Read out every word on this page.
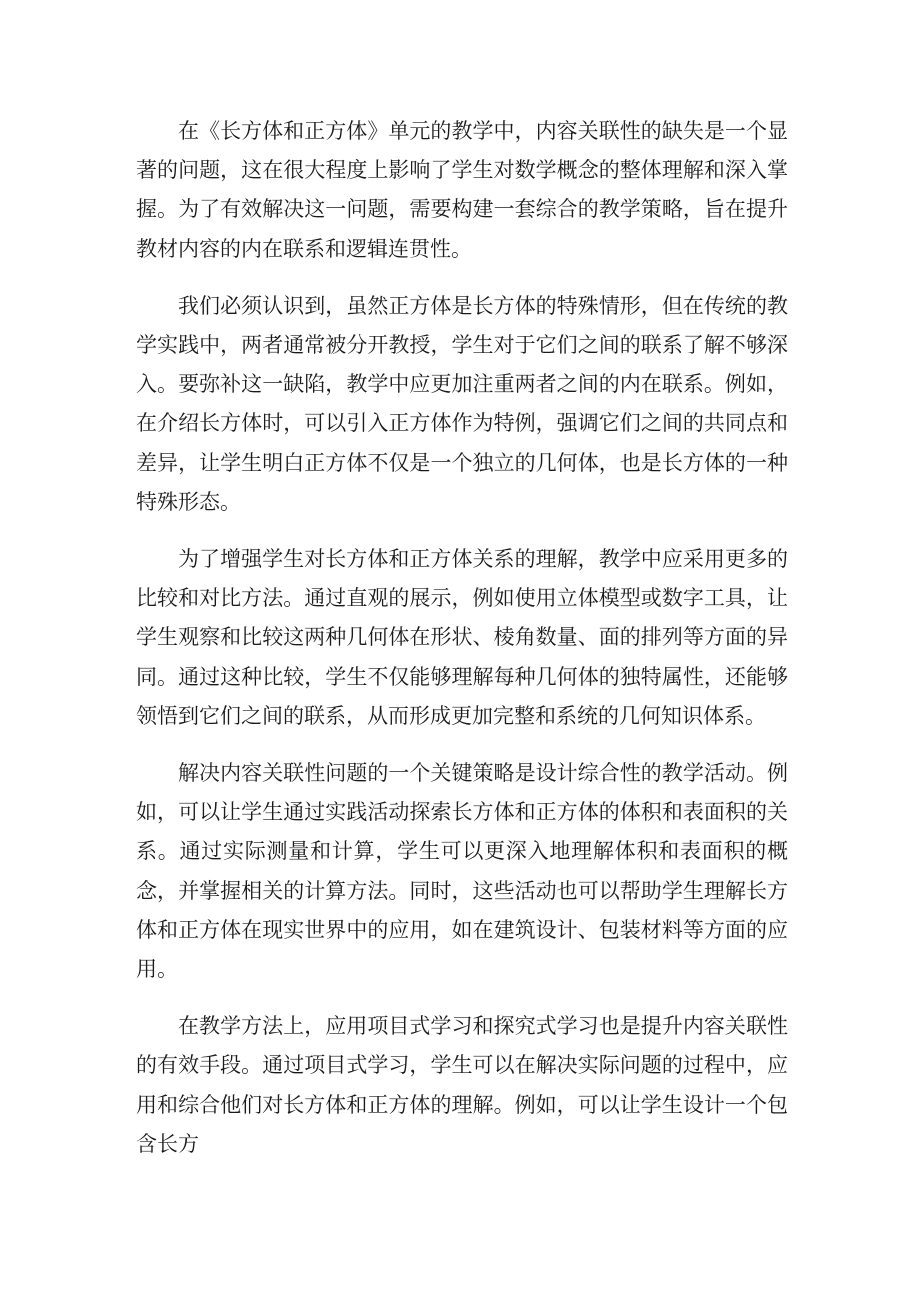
在《长方体和正方体》单元的教学中，内容关联性的缺失是一个显著的问题，这在很大程度上影响了学生对数学概念的整体理解和深入掌握。为了有效解决这一问题，需要构建一套综合的教学策略，旨在提升教材内容的内在联系和逻辑连贯性。

我们必须认识到，虽然正方体是长方体的特殊情形，但在传统的教学实践中，两者通常被分开教授，学生对于它们之间的联系了解不够深入。要弥补这一缺陷，教学中应更加注重两者之间的内在联系。例如，在介绍长方体时，可以引入正方体作为特例，强调它们之间的共同点和差异，让学生明白正方体不仅是一个独立的几何体，也是长方体的一种特殊形态。

为了增强学生对长方体和正方体关系的理解，教学中应采用更多的比较和对比方法。通过直观的展示，例如使用立体模型或数字工具，让学生观察和比较这两种几何体在形状、棱角数量、面的排列等方面的异同。通过这种比较，学生不仅能够理解每种几何体的独特属性，还能够领悟到它们之间的联系，从而形成更加完整和系统的几何知识体系。

解决内容关联性问题的一个关键策略是设计综合性的教学活动。例如，可以让学生通过实践活动探索长方体和正方体的体积和表面积的关系。通过实际测量和计算，学生可以更深入地理解体积和表面积的概念，并掌握相关的计算方法。同时，这些活动也可以帮助学生理解长方体和正方体在现实世界中的应用，如在建筑设计、包装材料等方面的应用。

在教学方法上，应用项目式学习和探究式学习也是提升内容关联性的有效手段。通过项目式学习，学生可以在解决实际问题的过程中，应用和综合他们对长方体和正方体的理解。例如，可以让学生设计一个包含长方
